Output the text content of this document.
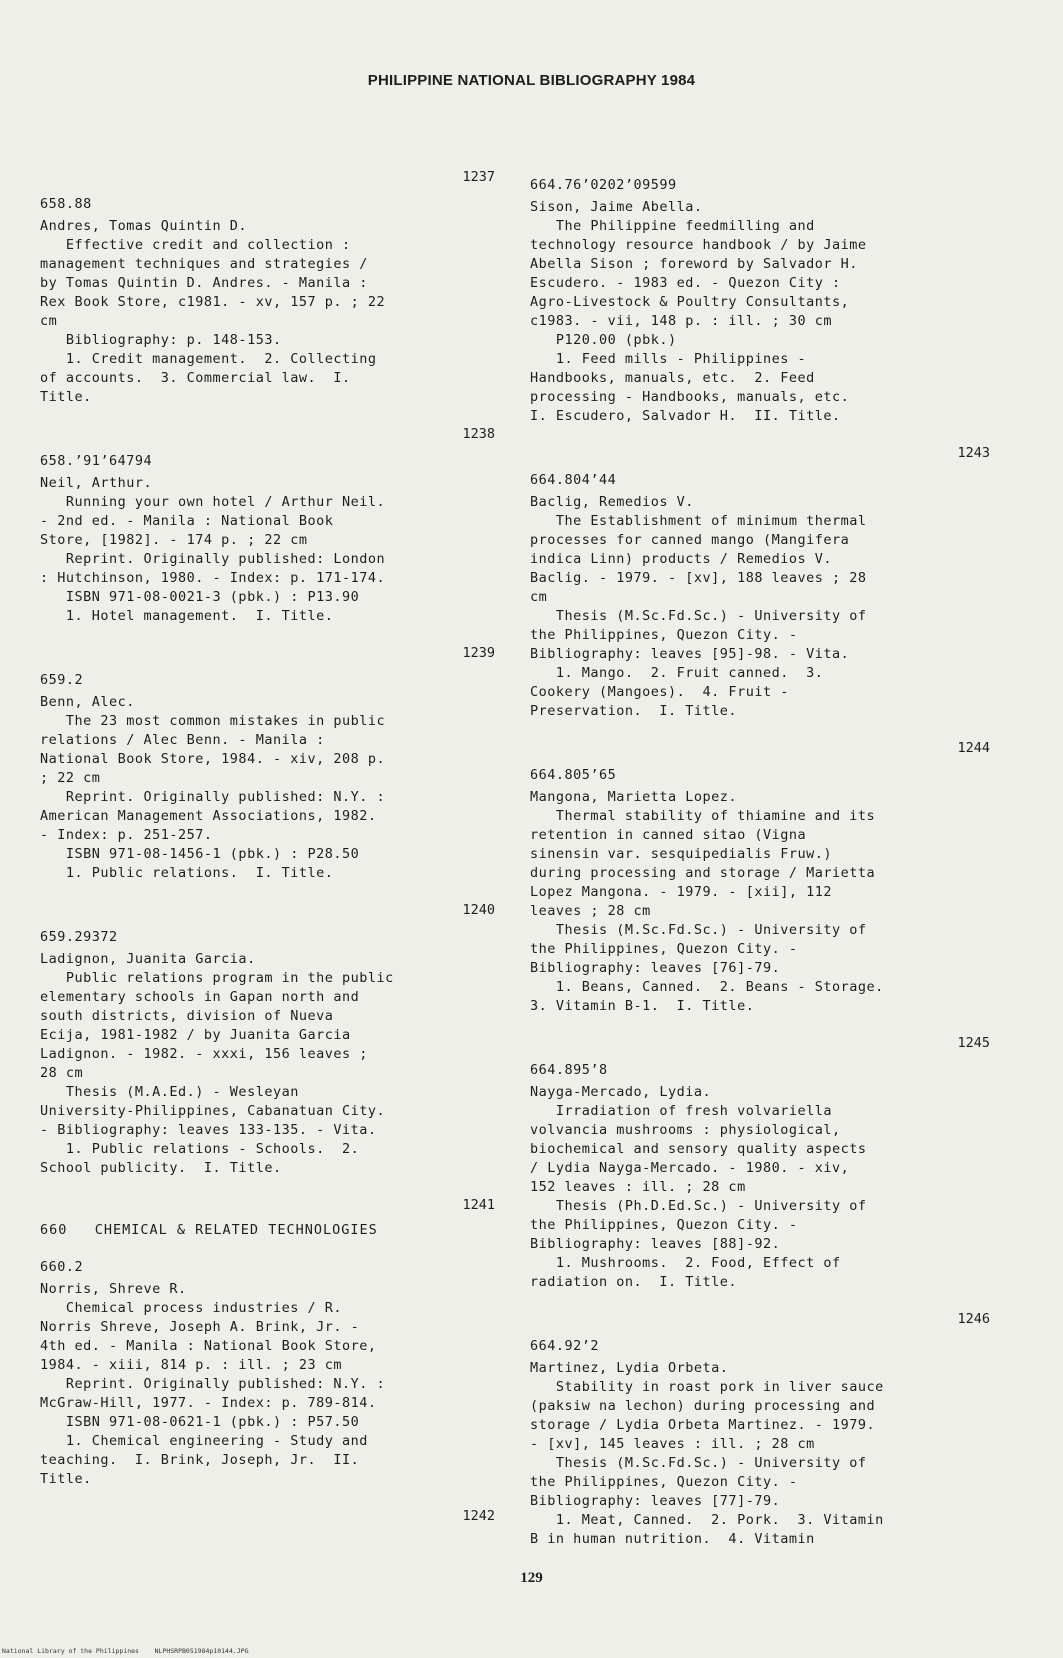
PHILIPPINE NATIONAL BIBLIOGRAPHY 1984
1237
658.88
Andres, Tomas Quintin D.
Effective credit and collection :
management techniques and strategies /
by Tomas Quintin D. Andres. - Manila :
Rex Book Store, c1981. - xv, 157 p. ; 22
cm
Bibliography: p. 148-153.
1. Credit management.  2. Collecting
of accounts.  3. Commercial law.  I.
Title.
1238
658.’91’64794
Neil, Arthur.
Running your own hotel / Arthur Neil.
- 2nd ed. - Manila : National Book
Store, [1982]. - 174 p. ; 22 cm
Reprint. Originally published: London
: Hutchinson, 1980. - Index: p. 171-174.
ISBN 971-08-0021-3 (pbk.) : P13.90
1. Hotel management.  I. Title.
1239
659.2
Benn, Alec.
The 23 most common mistakes in public
relations / Alec Benn. - Manila :
National Book Store, 1984. - xiv, 208 p.
; 22 cm
Reprint. Originally published: N.Y. :
American Management Associations, 1982.
- Index: p. 251-257.
ISBN 971-08-1456-1 (pbk.) : P28.50
1. Public relations.  I. Title.
1240
659.29372
Ladignon, Juanita Garcia.
Public relations program in the public
elementary schools in Gapan north and
south districts, division of Nueva
Ecija, 1981-1982 / by Juanita Garcia
Ladignon. - 1982. - xxxi, 156 leaves ;
28 cm
Thesis (M.A.Ed.) - Wesleyan
University-Philippines, Cabanatuan City.
- Bibliography: leaves 133-135. - Vita.
1. Public relations - Schools.  2.
School publicity.  I. Title.
1241
660   CHEMICAL & RELATED TECHNOLOGIES
660.2
Norris, Shreve R.
Chemical process industries / R.
Norris Shreve, Joseph A. Brink, Jr. -
4th ed. - Manila : National Book Store,
1984. - xiii, 814 p. : ill. ; 23 cm
Reprint. Originally published: N.Y. :
McGraw-Hill, 1977. - Index: p. 789-814.
ISBN 971-08-0621-1 (pbk.) : P57.50
1. Chemical engineering - Study and
teaching.  I. Brink, Joseph, Jr.  II.
Title.
1242
664.76’0202’09599
Sison, Jaime Abella.
The Philippine feedmilling and
technology resource handbook / by Jaime
Abella Sison ; foreword by Salvador H.
Escudero. - 1983 ed. - Quezon City :
Agro-Livestock & Poultry Consultants,
c1983. - vii, 148 p. : ill. ; 30 cm
P120.00 (pbk.)
1. Feed mills - Philippines -
Handbooks, manuals, etc.  2. Feed
processing - Handbooks, manuals, etc.
I. Escudero, Salvador H.  II. Title.
1243
664.804’44
Baclig, Remedios V.
The Establishment of minimum thermal
processes for canned mango (Mangifera
indica Linn) products / Remedios V.
Baclig. - 1979. - [xv], 188 leaves ; 28
cm
Thesis (M.Sc.Fd.Sc.) - University of
the Philippines, Quezon City. -
Bibliography: leaves [95]-98. - Vita.
1. Mango.  2. Fruit canned.  3.
Cookery (Mangoes).  4. Fruit -
Preservation.  I. Title.
1244
664.805’65
Mangona, Marietta Lopez.
Thermal stability of thiamine and its
retention in canned sitao (Vigna
sinensin var. sesquipedialis Fruw.)
during processing and storage / Marietta
Lopez Mangona. - 1979. - [xii], 112
leaves ; 28 cm
Thesis (M.Sc.Fd.Sc.) - University of
the Philippines, Quezon City. -
Bibliography: leaves [76]-79.
1. Beans, Canned.  2. Beans - Storage.
3. Vitamin B-1.  I. Title.
1245
664.895’8
Nayga-Mercado, Lydia.
Irradiation of fresh volvariella
volvancia mushrooms : physiological,
biochemical and sensory quality aspects
/ Lydia Nayga-Mercado. - 1980. - xiv,
152 leaves : ill. ; 28 cm
Thesis (Ph.D.Ed.Sc.) - University of
the Philippines, Quezon City. -
Bibliography: leaves [88]-92.
1. Mushrooms.  2. Food, Effect of
radiation on.  I. Title.
1246
664.92’2
Martinez, Lydia Orbeta.
Stability in roast pork in liver sauce
(paksiw na lechon) during processing and
storage / Lydia Orbeta Martinez. - 1979.
- [xv], 145 leaves : ill. ; 28 cm
Thesis (M.Sc.Fd.Sc.) - University of
the Philippines, Quezon City. -
Bibliography: leaves [77]-79.
1. Meat, Canned.  2. Pork.  3. Vitamin
B in human nutrition.  4. Vitamin
129
National Library of the Philippines    NLPHSRPB051984p10144.JPG
